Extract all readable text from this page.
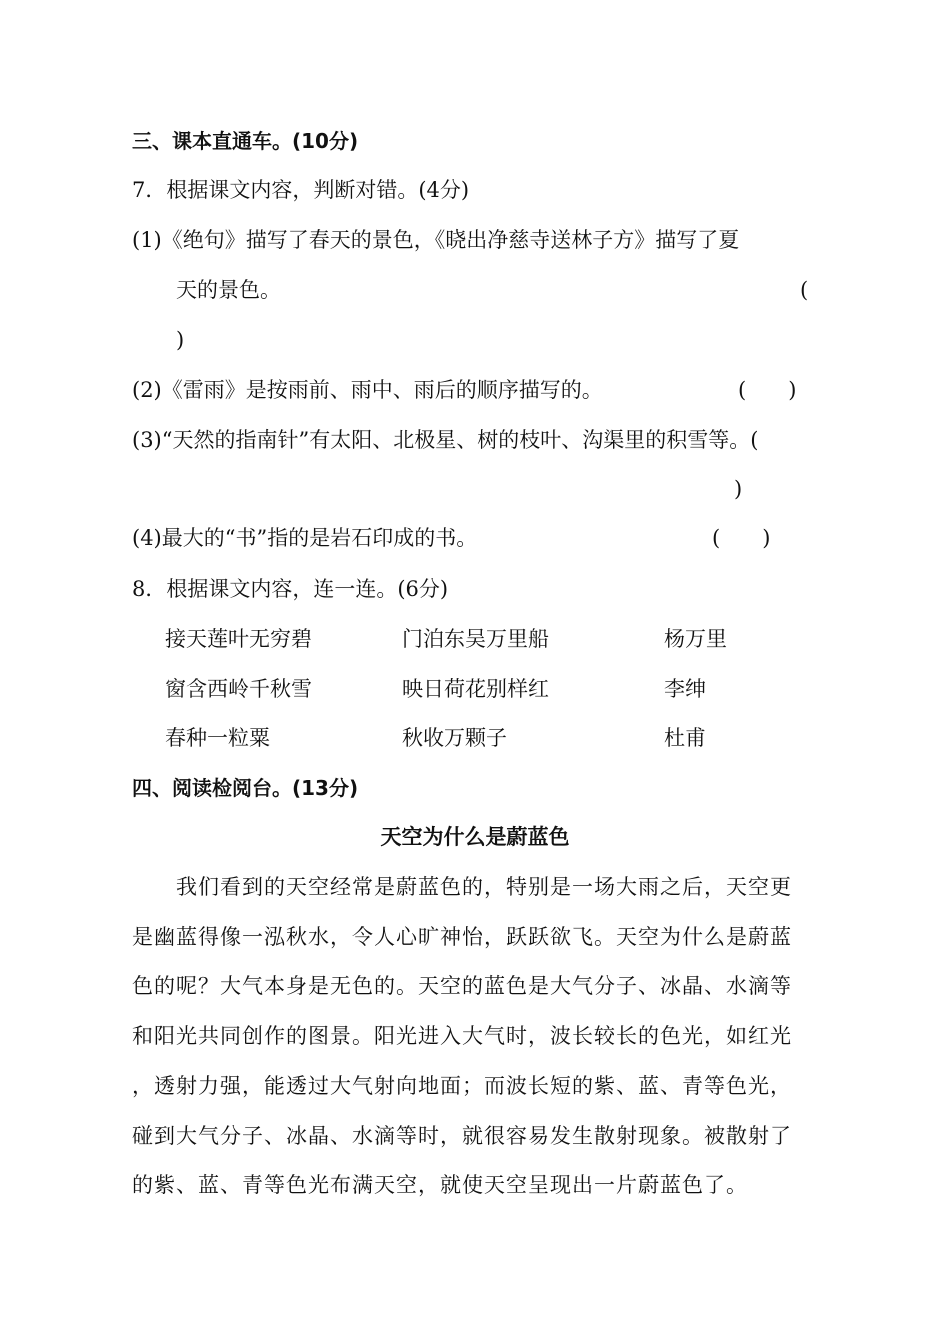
三、课本直通车。(10分)
7．根据课文内容，判断对错。(4分)
(1)《绝句》描写了春天的景色，《晓出净慈寺送林子方》描写了夏
天的景色。	(
)
(2)《雷雨》是按雨前、雨中、雨后的顺序描写的。	(　　)
(3)“天然的指南针”有太阳、北极星、树的枝叶、沟渠里的积雪等。(
)
(4)最大的“书”指的是岩石印成的书。	(　　)
8．根据课文内容，连一连。(6分)
接天莲叶无穷碧	门泊东吴万里船	杨万里
窗含西岭千秋雪	映日荷花别样红	李绅
春种一粒粟	秋收万颗子	杜甫
四、阅读检阅台。(13分)
天空为什么是蔚蓝色
我们看到的天空经常是蔚蓝色的，特别是一场大雨之后，天空更
是幽蓝得像一泓秋水，令人心旷神怡，跃跃欲飞。天空为什么是蔚蓝
色的呢？大气本身是无色的。天空的蓝色是大气分子、冰晶、水滴等
和阳光共同创作的图景。阳光进入大气时，波长较长的色光，如红光
，透射力强，能透过大气射向地面；而波长短的紫、蓝、青等色光，
碰到大气分子、冰晶、水滴等时，就很容易发生散射现象。被散射了
的紫、蓝、青等色光布满天空，就使天空呈现出一片蔚蓝色了。
